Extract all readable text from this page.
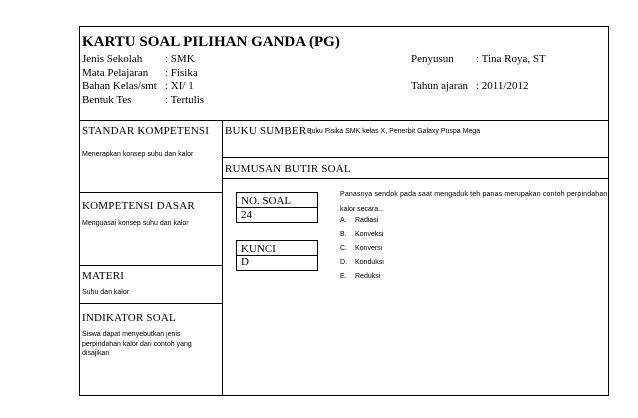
KARTU SOAL PILIHAN GANDA (PG)
Jenis Sekolah : SMK
Mata Pelajaran : Fisika
Bahan Kelas/smt : XI/ 1
Bentuk Tes	: Tertulis
Penyusun : Tina Roya, ST
Tahun ajaran : 2011/2012
STANDAR KOMPETENSI
Menerapkan konsep suhu dan kalor
BUKU SUMBER :
Buku Fisika SMK kelas X, Penerbit Galaxy Puspa Mega
RUMUSAN BUTIR SOAL
KOMPETENSI DASAR
Menguasai konsep suhu dan kalor
MATERI
Suhu dan kalor
INDIKATOR SOAL
Siswa dapat menyebutkan jenis
perpindahan kalor dari contoh yang
disajikan
NO. SOAL
24
KUNCI
D
Panasnya sendok pada saat mengaduk teh panas merupakan contoh perpindahan
kalor secara...
A. Radiasi
B. Konveksi
C. Konversi
D. Konduksi
E. Reduksi
